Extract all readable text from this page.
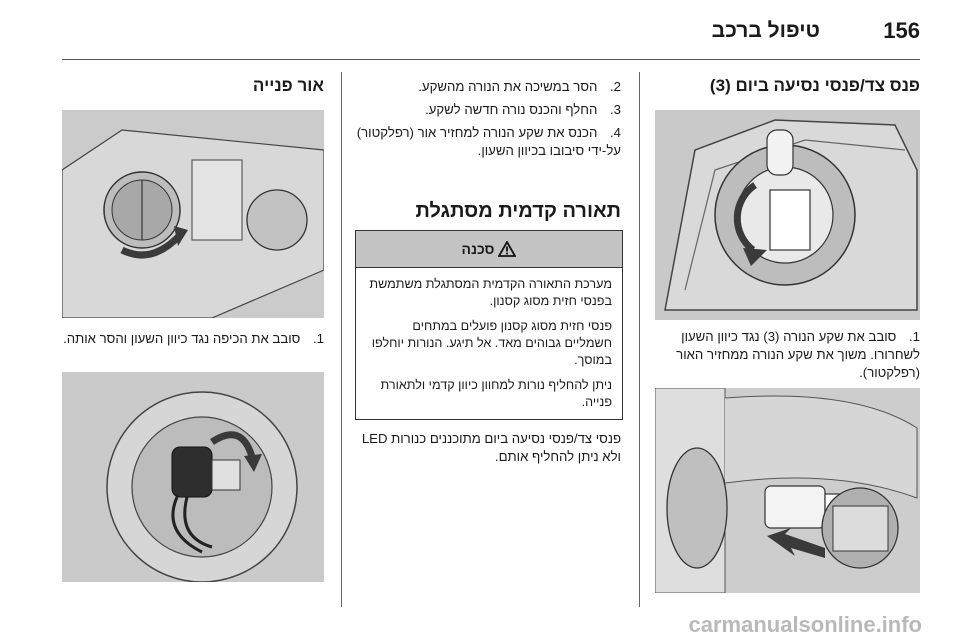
156
טיפול ברכב
פנס צד/פנסי נסיעה ביום (3)
1. סובב את שקע הנורה (3) נגד כיוון השעון לשחרורו. משוך את שקע הנורה ממחזיר האור (רפלקטור).
2. הסר במשיכה את הנורה מהשקע.
3. החלף והכנס נורה חדשה לשקע.
4. הכנס את שקע הנורה למחזיר אור (רפלקטור) על-ידי סיבובו בכיוון השעון.
תאורה קדמית מסתגלת
סכנה

מערכת התאורה הקדמית המסתגלת משתמשת בפנסי חזית מסוג קסנון.

פנסי חזית מסוג קסנון פועלים במתחים חשמליים גבוהים מאד. אל תיגע. הנורות יוחלפו במוסך.

ניתן להחליף נורות למחוון כיוון קדמי ולתאורת פנייה.

פנסי צד/פנסי נסיעה ביום מתוכננים כנורות LED ולא ניתן להחליף אותם.

אור פנייה
1. סובב את הכיפה נגד כיוון השעון והסר אותה.
carmanualsonline.info
